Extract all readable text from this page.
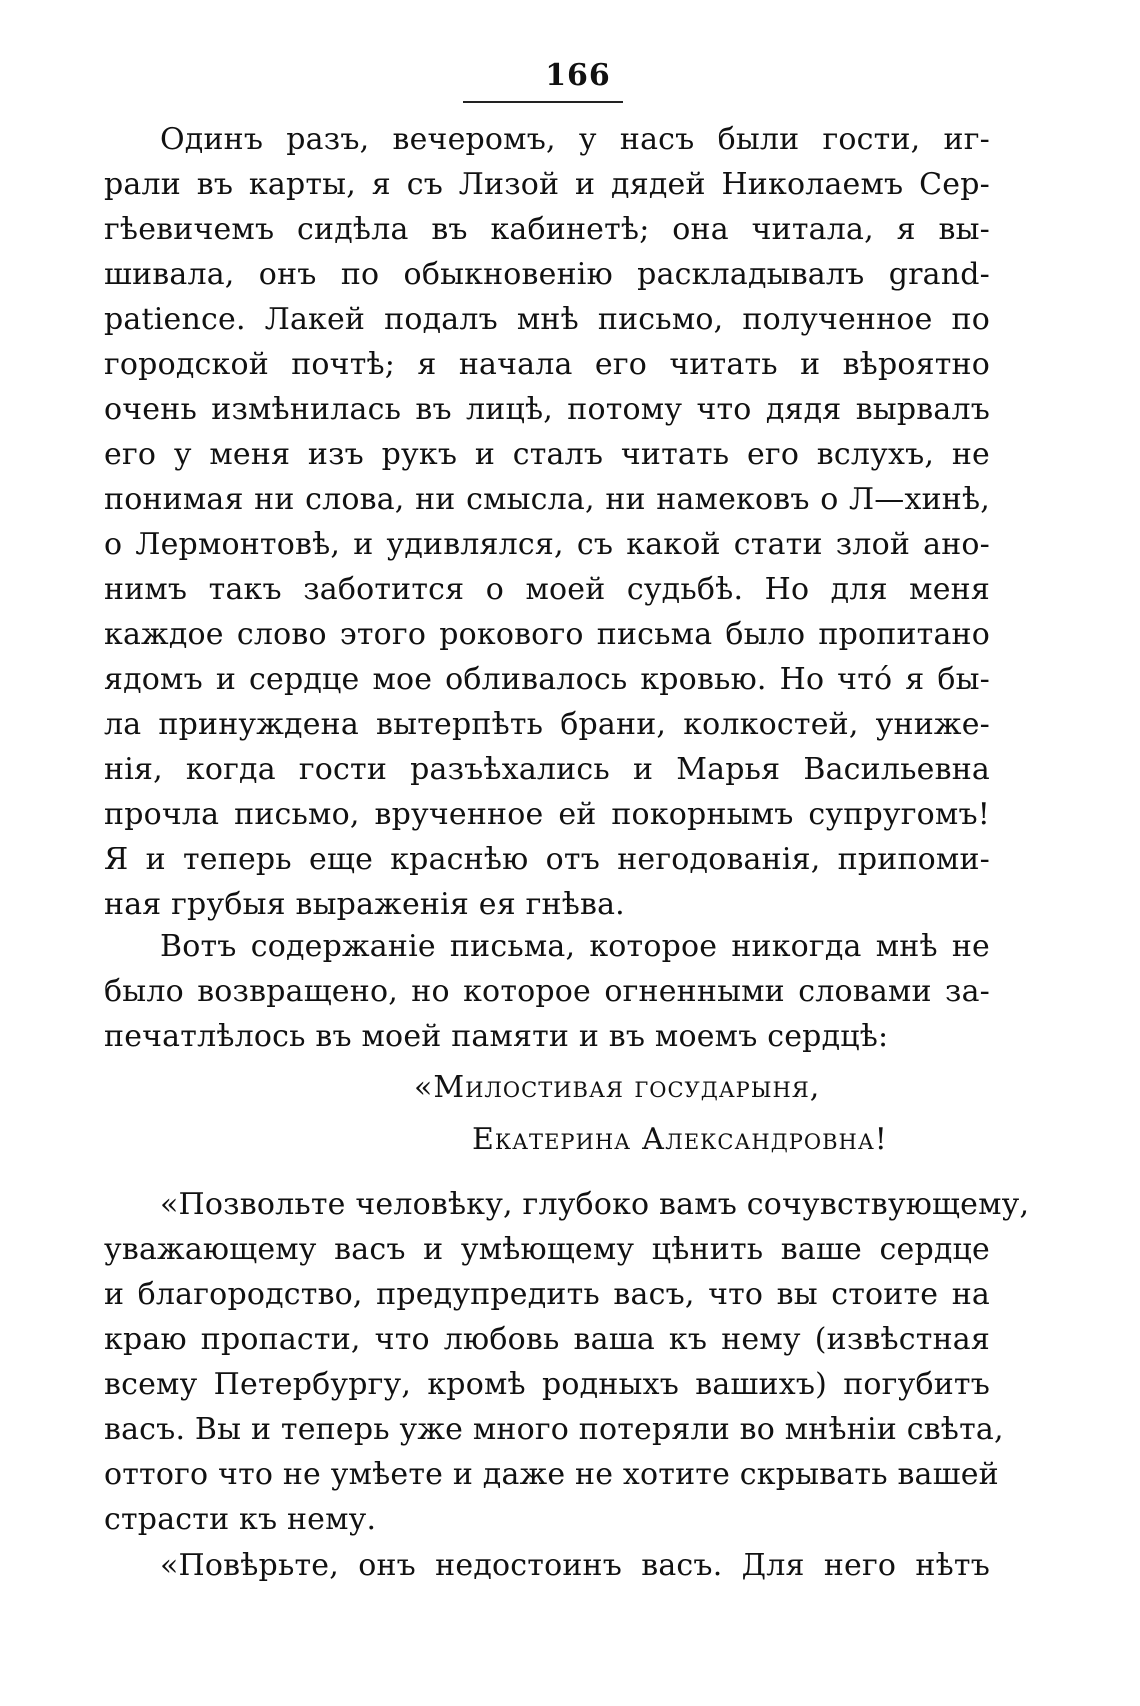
166
Одинъ разъ, вечеромъ, у насъ были гости, иг-
рали въ карты, я съ Лизой и дядей Николаемъ Сер-
гѣевичемъ сидѣла въ кабинетѣ; она читала, я вы-
шивала, онъ по обыкновенію раскладывалъ grand-
patience. Лакей подалъ мнѣ письмо, полученное по
городской почтѣ; я начала его читать и вѣроятно
очень измѣнилась въ лицѣ, потому что дядя вырвалъ
его у меня изъ рукъ и сталъ читать его вслухъ, не
понимая ни слова, ни смысла, ни намековъ о Л—хинѣ,
о Лермонтовѣ, и удивлялся, съ какой стати злой ано-
нимъ такъ заботится о моей судьбѣ. Но для меня
каждое слово этого рокового письма было пропитано
ядомъ и сердце мое обливалось кровью. Но что́ я бы-
ла принуждена вытерпѣть брани, колкостей, униже-
нія, когда гости разъѣхались и Марья Васильевна
прочла письмо, врученное ей покорнымъ супругомъ!
Я и теперь еще краснѣю отъ негодованія, припоми-
ная грубыя выраженія ея гнѣва.
Вотъ содержаніе письма, которое никогда мнѣ не
было возвращено, но которое огненными словами за-
печатлѣлось въ моей памяти и въ моемъ сердцѣ:
«Милостивая государыня,
Екатерина Александровна!
«Позвольте человѣку, глубоко вамъ сочувствующему,
уважающему васъ и умѣющему цѣнить ваше сердце
и благородство, предупредить васъ, что вы стоите на
краю пропасти, что любовь ваша къ нему (извѣстная
всему Петербургу, кромѣ родныхъ вашихъ) погубитъ
васъ. Вы и теперь уже много потеряли во мнѣніи свѣта,
оттого что не умѣете и даже не хотите скрывать вашей
страсти къ нему.
«Повѣрьте, онъ недостоинъ васъ. Для него нѣтъ
